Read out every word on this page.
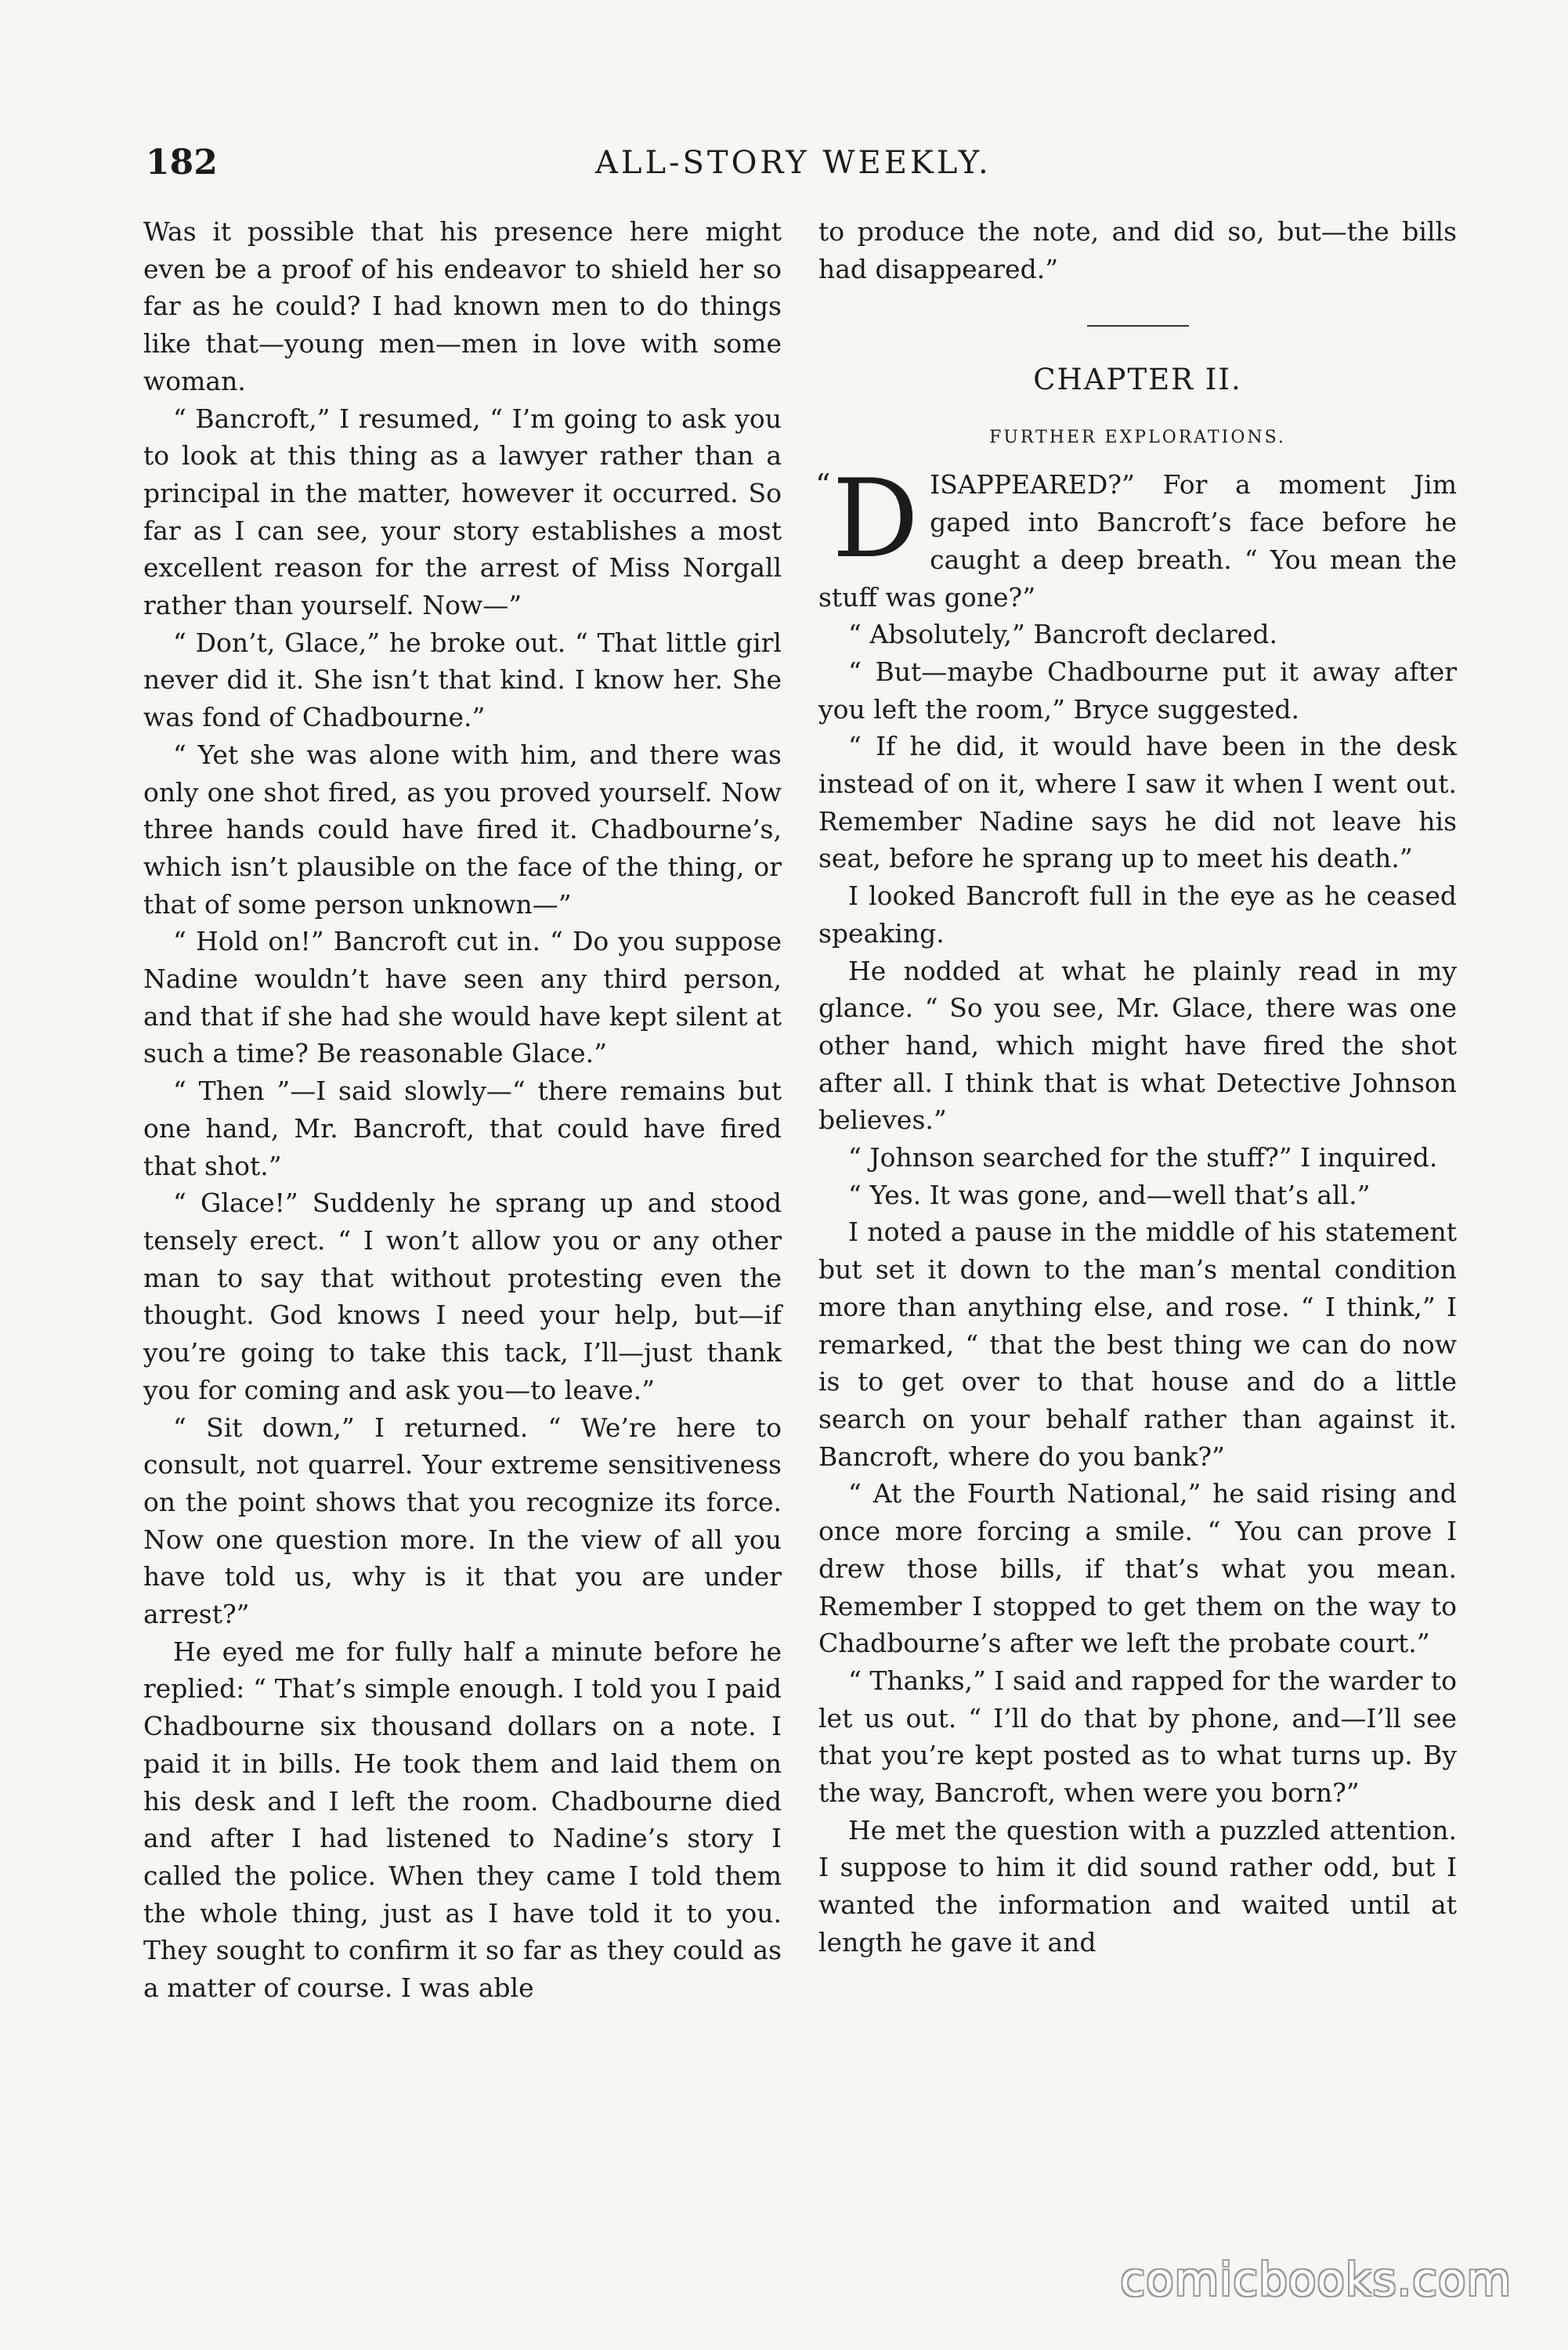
182	ALL-STORY WEEKLY.

Was it possible that his presence here might even be a proof of his endeavor to shield her so far as he could? I had known men to do things like that—young men—men in love with some woman.

“ Bancroft,” I resumed, “ I’m going to ask you to look at this thing as a lawyer rather than a principal in the matter, however it occurred. So far as I can see, your story establishes a most excellent reason for the arrest of Miss Norgall rather than yourself. Now—”

“ Don’t, Glace,” he broke out. “ That little girl never did it. She isn’t that kind. I know her. She was fond of Chadbourne.”

“ Yet she was alone with him, and there was only one shot fired, as you proved yourself. Now three hands could have fired it. Chadbourne’s, which isn’t plausible on the face of the thing, or that of some person unknown—”

“ Hold on!” Bancroft cut in. “ Do you suppose Nadine wouldn’t have seen any third person, and that if she had she would have kept silent at such a time? Be reasonable Glace.”

“ Then ”—I said slowly—“ there remains but one hand, Mr. Bancroft, that could have fired that shot.”

“ Glace!” Suddenly he sprang up and stood tensely erect. “ I won’t allow you or any other man to say that without protesting even the thought. God knows I need your help, but—if you’re going to take this tack, I’ll—just thank you for coming and ask you—to leave.”

“ Sit down,” I returned. “ We’re here to consult, not quarrel. Your extreme sensitiveness on the point shows that you recognize its force. Now one question more. In the view of all you have told us, why is it that you are under arrest?”

He eyed me for fully half a minute before he replied: “ That’s simple enough. I told you I paid Chadbourne six thousand dollars on a note. I paid it in bills. He took them and laid them on his desk and I left the room. Chadbourne died and after I had listened to Nadine’s story I called the police. When they came I told them the whole thing, just as I have told it to you. They sought to confirm it so far as they could as a matter of course. I was able

to produce the note, and did so, but—the bills had disappeared.”

CHAPTER II.
FURTHER EXPLORATIONS.

“ D ISAPPEARED?” For a moment Jim gaped into Bancroft’s face before he caught a deep breath. “ You mean the stuff was gone?”

“ Absolutely,” Bancroft declared.

“ But—maybe Chadbourne put it away after you left the room,” Bryce suggested.

“ If he did, it would have been in the desk instead of on it, where I saw it when I went out. Remember Nadine says he did not leave his seat, before he sprang up to meet his death.”

I looked Bancroft full in the eye as he ceased speaking.

He nodded at what he plainly read in my glance. “ So you see, Mr. Glace, there was one other hand, which might have fired the shot after all. I think that is what Detective Johnson believes.”

“ Johnson searched for the stuff?” I inquired.

“ Yes. It was gone, and—well that’s all.”

I noted a pause in the middle of his statement but set it down to the man’s mental condition more than anything else, and rose. “ I think,” I remarked, “ that the best thing we can do now is to get over to that house and do a little search on your behalf rather than against it. Bancroft, where do you bank?”

“ At the Fourth National,” he said rising and once more forcing a smile. “ You can prove I drew those bills, if that’s what you mean. Remember I stopped to get them on the way to Chadbourne’s after we left the probate court.”

“ Thanks,” I said and rapped for the warder to let us out. “ I’ll do that by phone, and—I’ll see that you’re kept posted as to what turns up. By the way, Bancroft, when were you born?”

He met the question with a puzzled attention. I suppose to him it did sound rather odd, but I wanted the information and waited until at length he gave it and

comicbooks.com
